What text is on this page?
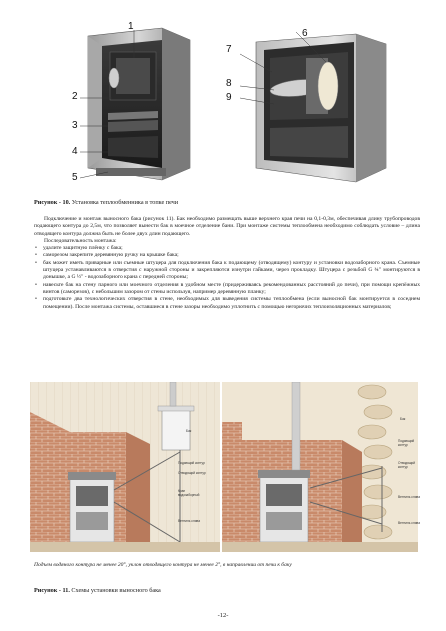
1
2
3
4
5
6
7
8
9
Рисунок - 10. Установка теплообменника в топке печи

Подключение и монтаж выносного бака (рисунок 11). Бак необходимо размещать выше верхнего края печи на 0,1-0,3м, обеспечивая длину трубопроводов подающего контура до 2,5м, что позволяет вынести бак в моечное отделение бани. При монтаже системы теплообмена необходимо соблюдать условие – длина отводящего контура должна быть не более двух длин подающего.

Последовательность монтажа:

• удалите защитную плёнку с бака;
• саморезом закрепите деревянную ручку на крышке бака;
• бак может иметь приварные или съемные штуцера для подключения бака к подающему (отводящему) контуру и установки водозаборного крана. Съемные штуцера устанавливаются в отверстия с наружной стороны и закрепляются изнутри гайками, через прокладку. Штуцера с резьбой G ¾" монтируются в донышке, а G ½" - водозаборного крана с передней стороны;
• навесьте бак на стену парного или моечного отделения в удобном месте (придерживаясь рекомендованных расстояний до печи), при помощи крепёжных винтов (саморезов), с небольшим зазором от стены используя, например деревянную планку;
• подготовьте два технологических отверстия в стене, необходимых для выведения системы теплообмена (если выносной бак монтируется в соседнем помещении). После монтажа системы, оставшиеся в стене зазоры необходимо уплотнить с помощью негорючих теплоизоляционных материалов;
Бак
Подающий контур
Отводящий контур
Кран водозаборный
Вентиль слива
Бак
Подающий контур
Отводящий контур
Вентиль слива
Вентиль слива
Подъем водяного контура не менее 20°, уклон отводящего контура не менее 2°, в направлении от печи к баку
Рисунок - 11. Схемы установки выносного бака
-12-
